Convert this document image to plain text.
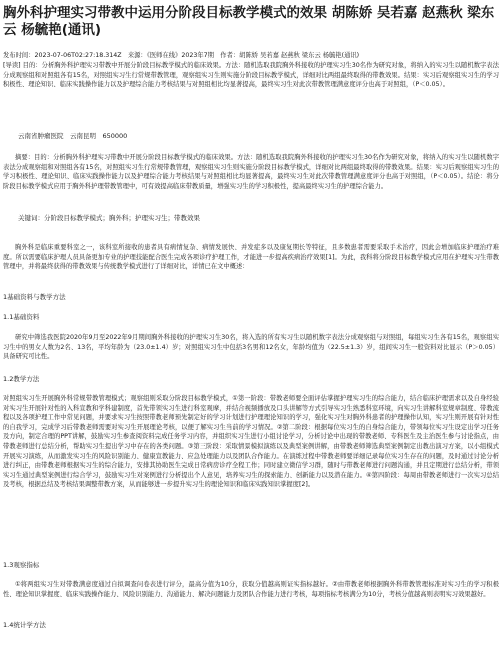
胸外科护理实习带教中运用分阶段目标教学模式的效果 胡陈娇 吴若嘉 赵燕秋 梁东云 杨毓艳(通讯)
发布时间：2023-07-06T02:27:18.314Z　来源：《医师在线》2023年7期　作者：胡陈娇 吴若嘉 赵燕秋 梁东云 杨毓艳(通讯)
[导读] 目的：分析胸外科护理实习带教中开展分阶段目标教学模式的临床效果。方法：随机选取我院胸外科接收的护理实习生30名作为研究对象，将纳入的实习生以随机数字表法分成观察组和对照组各有15名，对照组实习生行常规带教管理，观察组实习生则实施分阶段目标教学模式，详细对比两组最终取得的带教效果。结果：实习后观察组实习生的学习积极性、理论知识、临床实践操作能力以及护理综合能力考核结果与对照组相比均显著提高，最终实习生对此次带教管理满意度评分也高于对照组，（P＜0.05）。
云南省肿瘤医院　云南昆明　650000
摘要：目的：分析胸外科护理实习带教中开展分阶段目标教学模式的临床效果。方法：随机选取我院胸外科接收的护理实习生30名作为研究对象，将纳入的实习生以随机数字表法分成观察组和对照组各有15名，对照组实习生行常规带教管理，观察组实习生则实施分阶段目标教学模式，详细对比两组最终取得的带教效果。结果：实习后观察组实习生的学习积极性、理论知识、临床实践操作能力以及护理综合能力考核结果与对照组相比均显著提高，最终实习生对此次带教管理满意度评分也高于对照组，（P＜0.05）。结论：将分阶段目标教学模式应用于胸外科护理带教管理中，可有效提高临床带教质量，增强实习生的学习积极性，提高最终实习生的护理综合能力。
关键词：分阶段目标教学模式；胸外科；护理实习生；带教效果
胸外科是临床重要科室之一，该科室所接收的患者具有病情复杂、病情发展快、并发症多以及康复期长等特征，且多数患者需要采取手术治疗，因此会增加临床护理治疗难度。所以需要临床护理人员具备更加专业的护理技能配合医生完成各项诊疗护理工作，才能进一步提高疾病治疗效果[1]。为此，我科将分阶段目标教学模式应用在护理实习生带教管理中，并将最终获得的带教效果与传统教学模式进行了详细对比，详情已在文中概述：
1基础资料与教学方法
1.1基础资料
研究中筛选我医院2020年9月至2022年9月期间胸外科接收的护理实习生30名，将入选的所有实习生以随机数字表法分成观察组与对照组，每组实习生各有15名，观察组实习生中的男女人数为2名、13名，平均年龄为（23.0±1.4）岁；对照组实习生中包括3名男和12名女，年龄均值为（22.5±1.3）岁，组间实习生一般资料对比显示（P＞0.05）具备研究可比性。
1.2教学方法
对照组实习生开展胸外科常规带教管理模式；观察组则采取分阶段目标教学模式，①第一阶段：带教老师要全面评估掌握护理实习生的综合能力，结合临床护理需求以及自身经验对实习生开展针对性的入科宣教和学科建制度，首先带领实习生进行科室观摩，并结合视频播放及口头讲解等方式引导实习生熟悉科室环境，向实习生讲解科室规章制度、带教流程以及各项护理工作中常见问题，并要求实习生按照带教老师预先制定好的学习计划进行护理理论知识的学习，强化实习生对胸外科患者的护理操作认知，实习生则开展有针对性的自我学习，完成学习后带教老师需要对实习生开展理论考核，以便了解实习生当前的学习情况。②第二阶段：根据每位实习生的自身综合能力，带领每位实习生设定出学习任务及方向，制定合理的PPT讲解，鼓励实习生参查阅资料完成任务学习内容，并组织实习生进行小组讨论学习，分析讨论中出现的带教老师、专科医生及主治医生参与讨论指点，由带教老师进行总结分析，帮助实习生提出学习中存在的各类问题。③第三阶段：采取情景模拟演练以及典型案例讲解，由带教老师筛选典型案例制定出教出演习方案，以小组模式开展实习演练，从而激发实习生的风险识别能力、健康宣教能力、应急处理能力以及团队合作能力。在演练过程中带教老师要详细记录每位实习生存在的问题，及时通过讨论分析进行纠正，由带教老师根据实习生的综合能力，安排其协助医生完成日常病房诊疗全程工作；同时建立微信学习群，随时与带教老师进行问题沟通，并且定期进行总结分析，带领实习生通过典型案例进行综合学习，鼓励实习生对案例进行分析提出个人意见，培养实习生的探索能力、创新能力以及潜在能力。④第四阶段：每周由带教老师进行一次实习总结及考核，根据总结及考核结果调整带教方案，从而能够进一步提升实习生的理论知识和临床实践知识掌握度[2]。
1.3观察指标
①将两组实习生对带教满意度通过自拟调查问卷表进行评分，最高分值为10分，获取分值越高则证实指标越好。②由带教老师根据胸外科带教管理标准对实习生的学习积极性、理论知识掌握度、临床实践操作能力、风险识别能力、沟通能力、解决问题能力及团队合作能力进行考核，每项指标考核满分为10分，考核分值越高则表明实习效果越好。
1.4统计学方法
